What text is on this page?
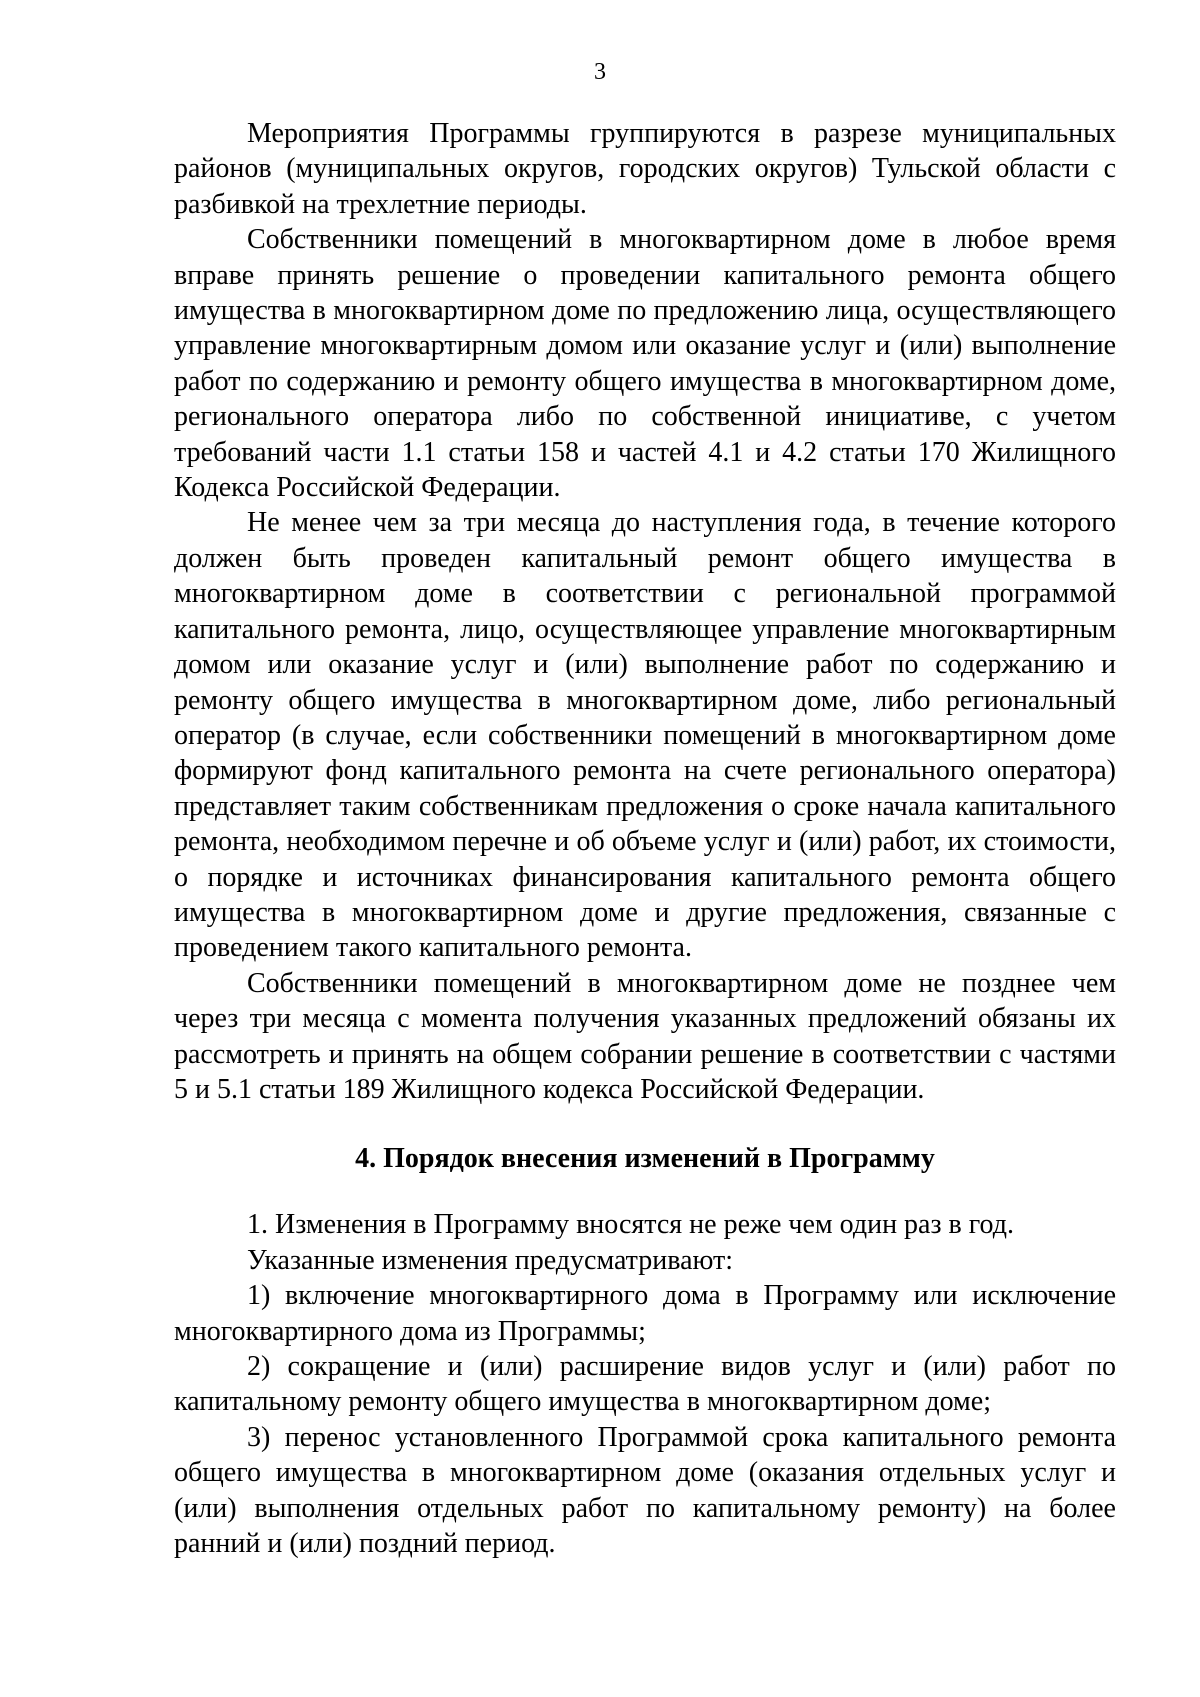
3

Мероприятия Программы группируются в разрезе муниципальных районов (муниципальных округов, городских округов) Тульской области с разбивкой на трехлетние периоды.

Собственники помещений в многоквартирном доме в любое время вправе принять решение о проведении капитального ремонта общего имущества в многоквартирном доме по предложению лица, осуществляющего управление многоквартирным домом или оказание услуг и (или) выполнение работ по содержанию и ремонту общего имущества в многоквартирном доме, регионального оператора либо по собственной инициативе, с учетом требований части 1.1 статьи 158 и частей 4.1 и 4.2 статьи 170 Жилищного Кодекса Российской Федерации.

Не менее чем за три месяца до наступления года, в течение которого должен быть проведен капитальный ремонт общего имущества в многоквартирном доме в соответствии с региональной программой капитального ремонта, лицо, осуществляющее управление многоквартирным домом или оказание услуг и (или) выполнение работ по содержанию и ремонту общего имущества в многоквартирном доме, либо региональный оператор (в случае, если собственники помещений в многоквартирном доме формируют фонд капитального ремонта на счете регионального оператора) представляет таким собственникам предложения о сроке начала капитального ремонта, необходимом перечне и об объеме услуг и (или) работ, их стоимости, о порядке и источниках финансирования капитального ремонта общего имущества в многоквартирном доме и другие предложения, связанные с проведением такого капитального ремонта.

Собственники помещений в многоквартирном доме не позднее чем через три месяца с момента получения указанных предложений обязаны их рассмотреть и принять на общем собрании решение в соответствии с частями 5 и 5.1 статьи 189 Жилищного кодекса Российской Федерации.

4. Порядок внесения изменений в Программу

1. Изменения в Программу вносятся не реже чем один раз в год.

Указанные изменения предусматривают:

1) включение многоквартирного дома в Программу или исключение многоквартирного дома из Программы;

2) сокращение и (или) расширение видов услуг и (или) работ по капитальному ремонту общего имущества в многоквартирном доме;

3) перенос установленного Программой срока капитального ремонта общего имущества в многоквартирном доме (оказания отдельных услуг и (или) выполнения отдельных работ по капитальному ремонту) на более ранний и (или) поздний период.
